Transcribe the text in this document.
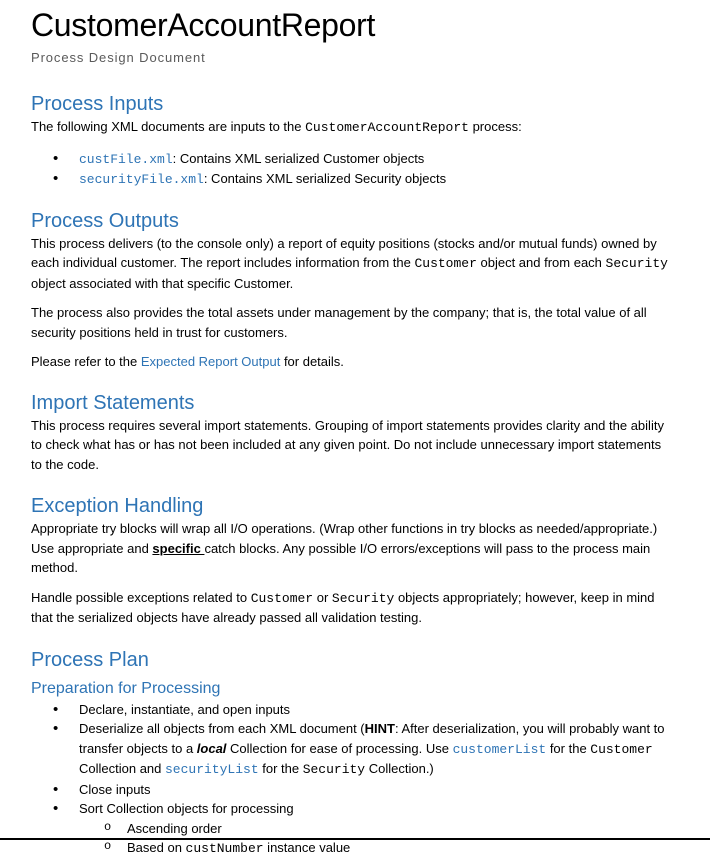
CustomerAccountReport
Process Design Document
Process Inputs

The following XML documents are inputs to the CustomerAccountReport process:

• custFile.xml: Contains XML serialized Customer objects
• securityFile.xml: Contains XML serialized Security objects
Process Outputs

This process delivers (to the console only) a report of equity positions (stocks and/or mutual funds) owned by each individual customer. The report includes information from the Customer object and from each Security object associated with that specific Customer.

The process also provides the total assets under management by the company; that is, the total value of all security positions held in trust for customers.

Please refer to the Expected Report Output for details.

Import Statements

This process requires several import statements. Grouping of import statements provides clarity and the ability to check what has or has not been included at any given point. Do not include unnecessary import statements to the code.

Exception Handling

Appropriate try blocks will wrap all I/O operations. (Wrap other functions in try blocks as needed/appropriate.) Use appropriate and specific catch blocks. Any possible I/O errors/exceptions will pass to the process main method.

Handle possible exceptions related to Customer or Security objects appropriately; however, keep in mind that the serialized objects have already passed all validation testing.

Process Plan
Preparation for Processing
• Declare, instantiate, and open inputs
• Deserialize all objects from each XML document (HINT: After deserialization, you will probably want to transfer objects to a local Collection for ease of processing. Use customerList for the Customer Collection and securityList for the Security Collection.)
• Close inputs
• Sort Collection objects for processing
o Ascending order
o Based on custNumber instance value
